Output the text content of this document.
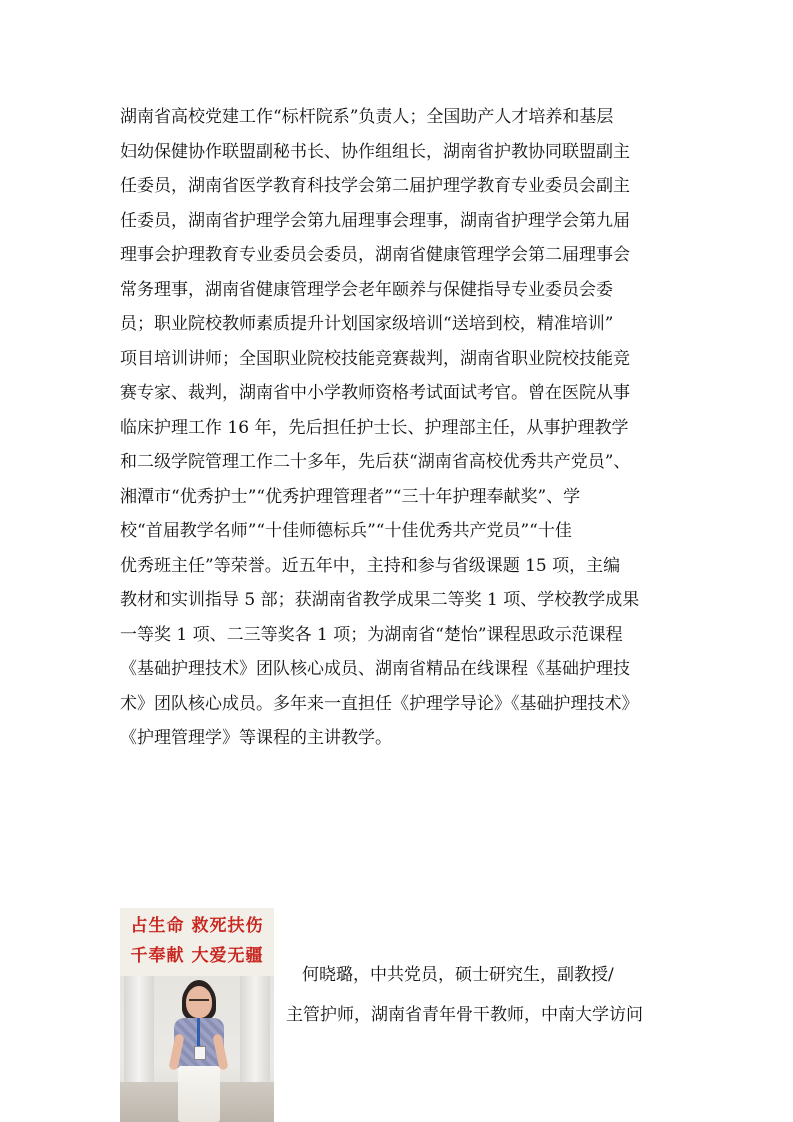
湖南省高校党建工作“标杆院系”负责人；全国助产人才培养和基层
妇幼保健协作联盟副秘书长、协作组组长，湖南省护教协同联盟副主
任委员，湖南省医学教育科技学会第二届护理学教育专业委员会副主
任委员，湖南省护理学会第九届理事会理事，湖南省护理学会第九届
理事会护理教育专业委员会委员，湖南省健康管理学会第二届理事会
常务理事，湖南省健康管理学会老年颐养与保健指导专业委员会委
员；职业院校教师素质提升计划国家级培训“送培到校，精准培训”
项目培训讲师；全国职业院校技能竞赛裁判，湖南省职业院校技能竞
赛专家、裁判，湖南省中小学教师资格考试面试考官。曾在医院从事
临床护理工作 16 年，先后担任护士长、护理部主任，从事护理教学
和二级学院管理工作二十多年，先后获“湖南省高校优秀共产党员”、
湘潭市“优秀护士”“优秀护理管理者”“三十年护理奉献奖”、学
校“首届教学名师”“十佳师德标兵”“十佳优秀共产党员”“十佳
优秀班主任”等荣誉。近五年中，主持和参与省级课题 15 项，主编
教材和实训指导 5 部；获湖南省教学成果二等奖 1 项、学校教学成果
一等奖 1 项、二三等奖各 1 项；为湖南省“楚怡”课程思政示范课程
《基础护理技术》团队核心成员、湖南省精品在线课程《基础护理技
术》团队核心成员。多年来一直担任《护理学导论》《基础护理技术》
《护理管理学》等课程的主讲教学。
占生命 救死扶伤
千奉献 大爱无疆
何晓璐，中共党员，硕士研究生，副教授/
主管护师，湖南省青年骨干教师，中南大学访问
